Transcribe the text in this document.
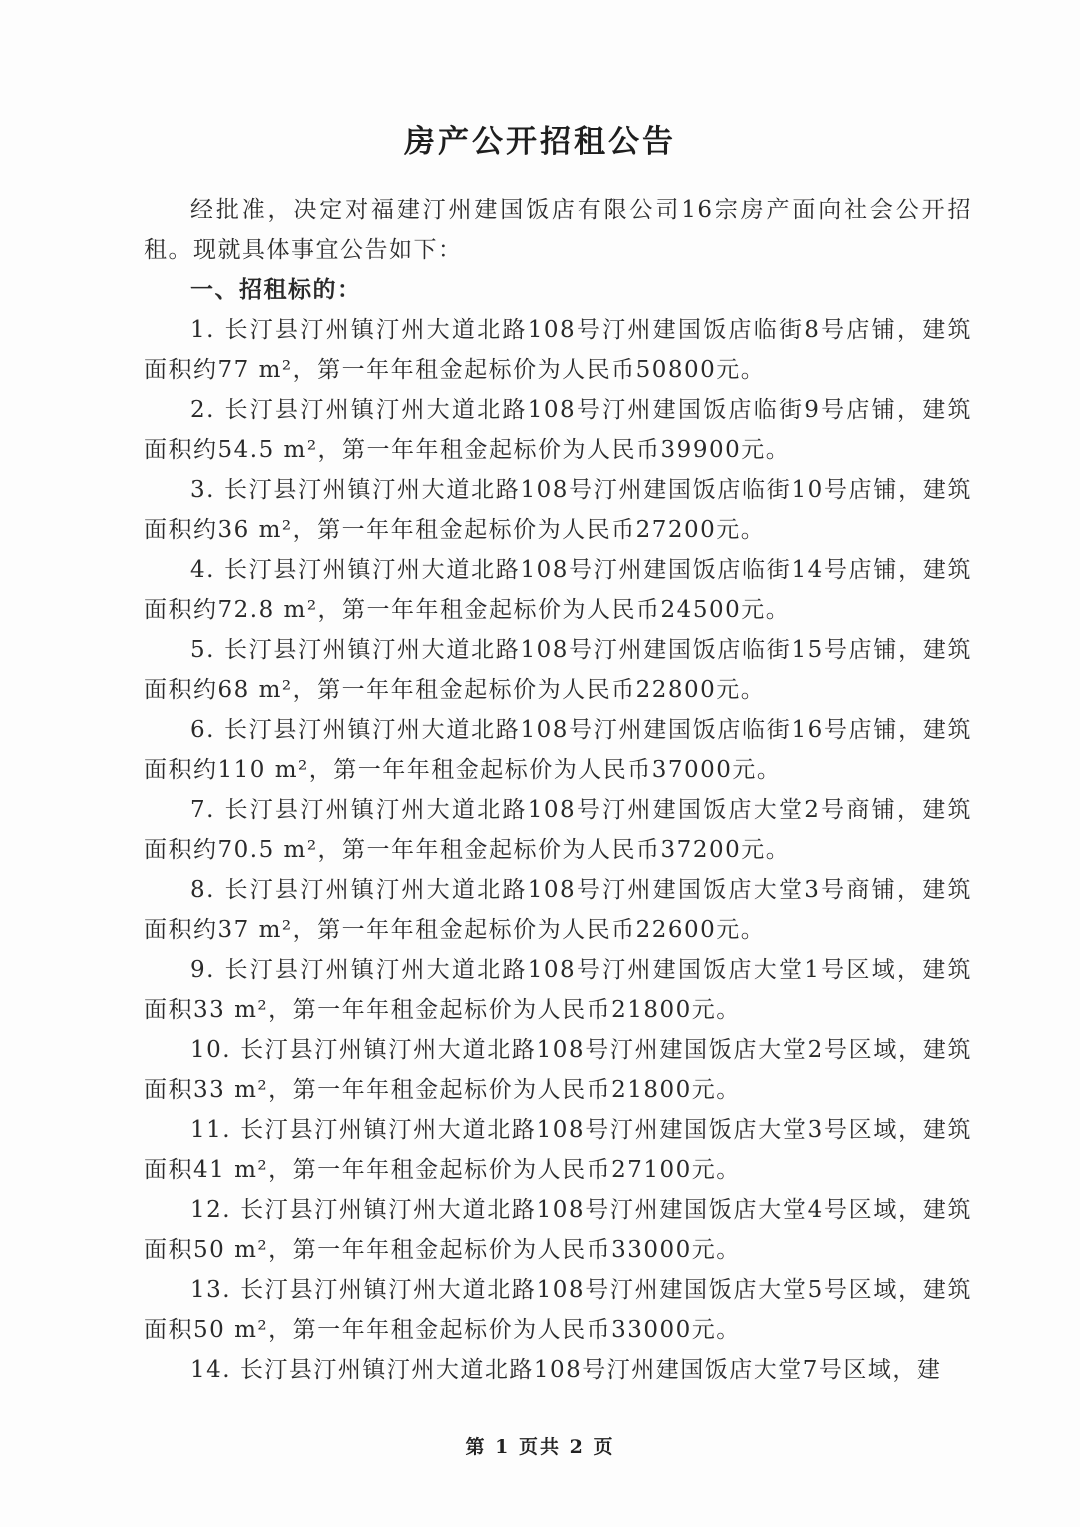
房产公开招租公告

经批准，决定对福建汀州建国饭店有限公司16宗房产面向社会公开招租。现就具体事宜公告如下：

一、招租标的：

1. 长汀县汀州镇汀州大道北路108号汀州建国饭店临街8号店铺，建筑面积约77 m²，第一年年租金起标价为人民币50800元。

2. 长汀县汀州镇汀州大道北路108号汀州建国饭店临街9号店铺，建筑面积约54.5 m²，第一年年租金起标价为人民币39900元。

3. 长汀县汀州镇汀州大道北路108号汀州建国饭店临街10号店铺，建筑面积约36 m²，第一年年租金起标价为人民币27200元。

4. 长汀县汀州镇汀州大道北路108号汀州建国饭店临街14号店铺，建筑面积约72.8 m²，第一年年租金起标价为人民币24500元。

5. 长汀县汀州镇汀州大道北路108号汀州建国饭店临街15号店铺，建筑面积约68 m²，第一年年租金起标价为人民币22800元。

6. 长汀县汀州镇汀州大道北路108号汀州建国饭店临街16号店铺，建筑面积约110 m²，第一年年租金起标价为人民币37000元。

7. 长汀县汀州镇汀州大道北路108号汀州建国饭店大堂2号商铺，建筑面积约70.5 m²，第一年年租金起标价为人民币37200元。

8. 长汀县汀州镇汀州大道北路108号汀州建国饭店大堂3号商铺，建筑面积约37 m²，第一年年租金起标价为人民币22600元。

9. 长汀县汀州镇汀州大道北路108号汀州建国饭店大堂1号区域，建筑面积33 m²，第一年年租金起标价为人民币21800元。

10. 长汀县汀州镇汀州大道北路108号汀州建国饭店大堂2号区域，建筑面积33 m²，第一年年租金起标价为人民币21800元。

11. 长汀县汀州镇汀州大道北路108号汀州建国饭店大堂3号区域，建筑面积41 m²，第一年年租金起标价为人民币27100元。

12. 长汀县汀州镇汀州大道北路108号汀州建国饭店大堂4号区域，建筑面积50 m²，第一年年租金起标价为人民币33000元。

13. 长汀县汀州镇汀州大道北路108号汀州建国饭店大堂5号区域，建筑面积50 m²，第一年年租金起标价为人民币33000元。

14. 长汀县汀州镇汀州大道北路108号汀州建国饭店大堂7号区域，建

第 1 页共 2 页
